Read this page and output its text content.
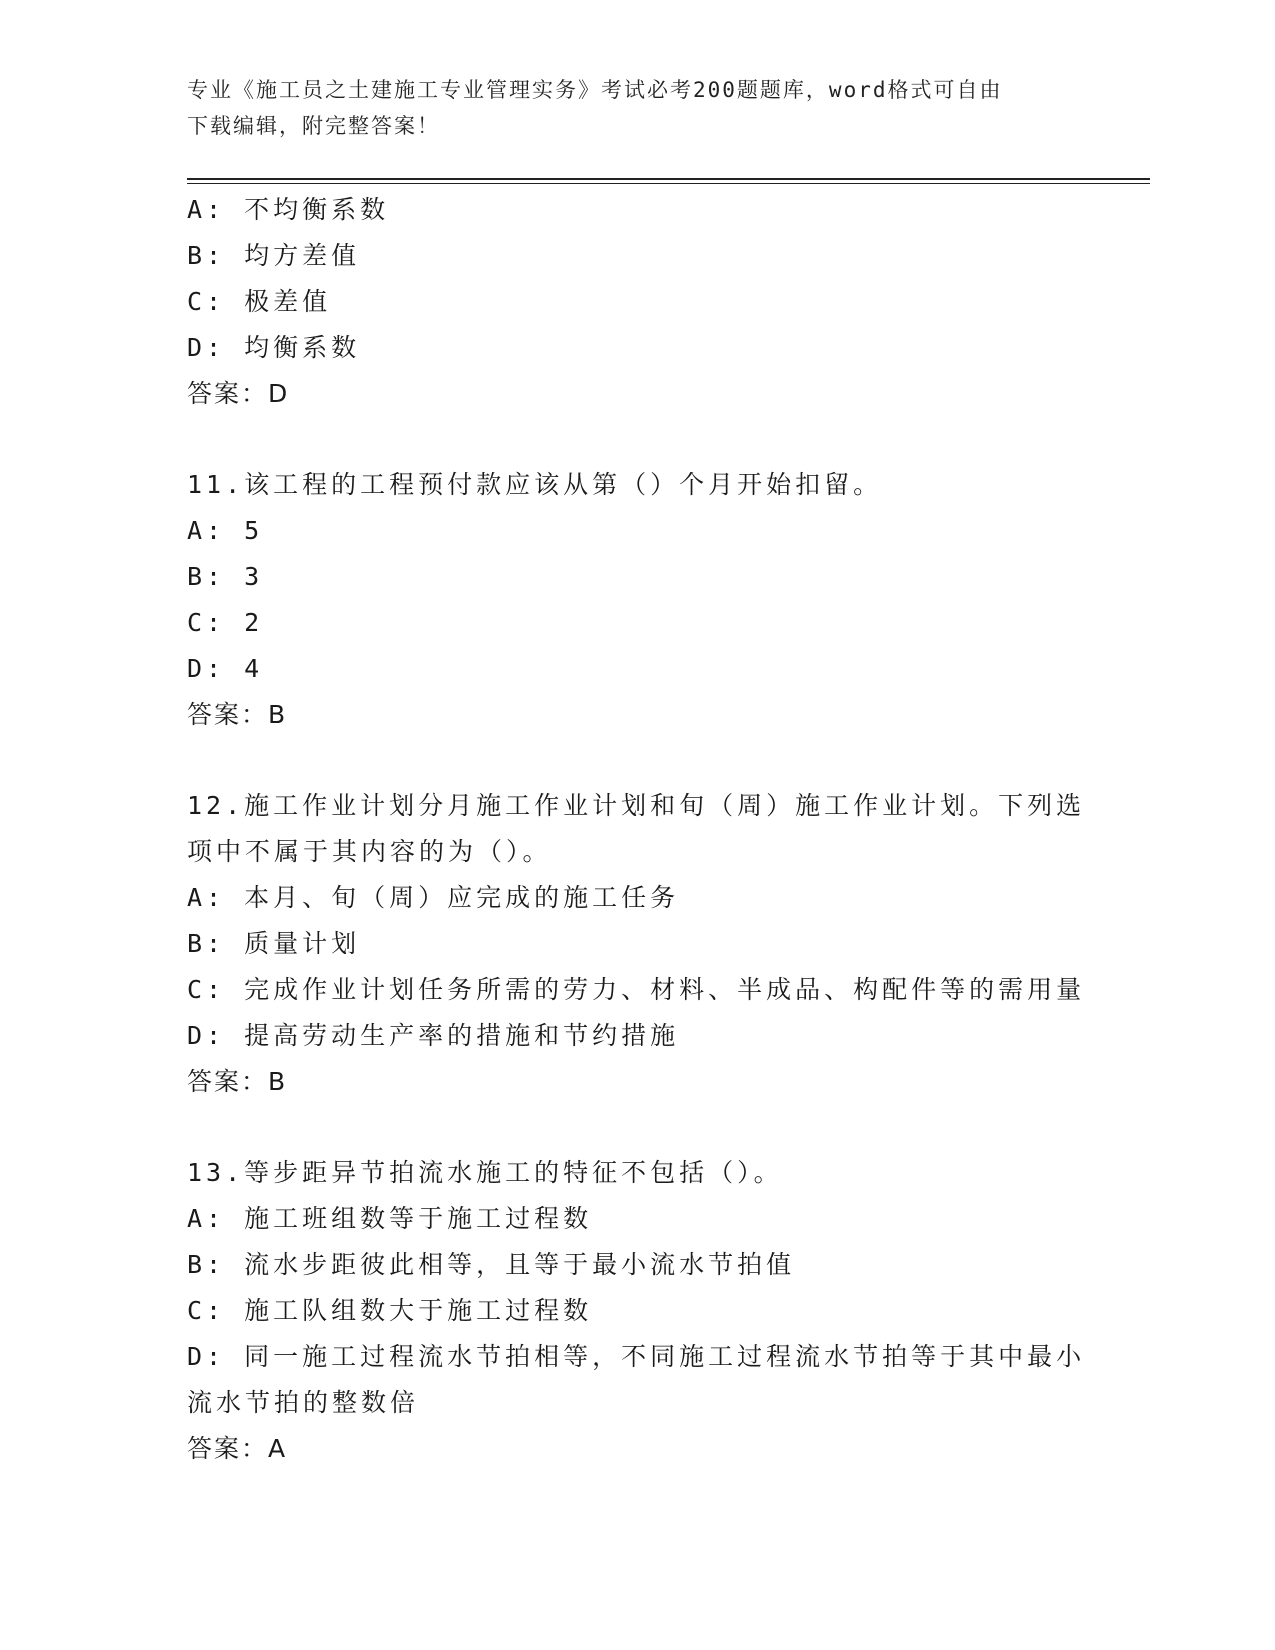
专业《施工员之土建施工专业管理实务》考试必考200题题库，word格式可自由
下载编辑，附完整答案！
A: 不均衡系数
B: 均方差值
C: 极差值
D: 均衡系数
答案：D
11.该工程的工程预付款应该从第（）个月开始扣留。
A: 5
B: 3
C: 2
D: 4
答案：B
12.施工作业计划分月施工作业计划和旬（周）施工作业计划。下列选
项中不属于其内容的为（）。
A: 本月、旬（周）应完成的施工任务
B: 质量计划
C: 完成作业计划任务所需的劳力、材料、半成品、构配件等的需用量
D: 提高劳动生产率的措施和节约措施
答案：B
13.等步距异节拍流水施工的特征不包括（）。
A: 施工班组数等于施工过程数
B: 流水步距彼此相等，且等于最小流水节拍值
C: 施工队组数大于施工过程数
D: 同一施工过程流水节拍相等，不同施工过程流水节拍等于其中最小
流水节拍的整数倍
答案：A
